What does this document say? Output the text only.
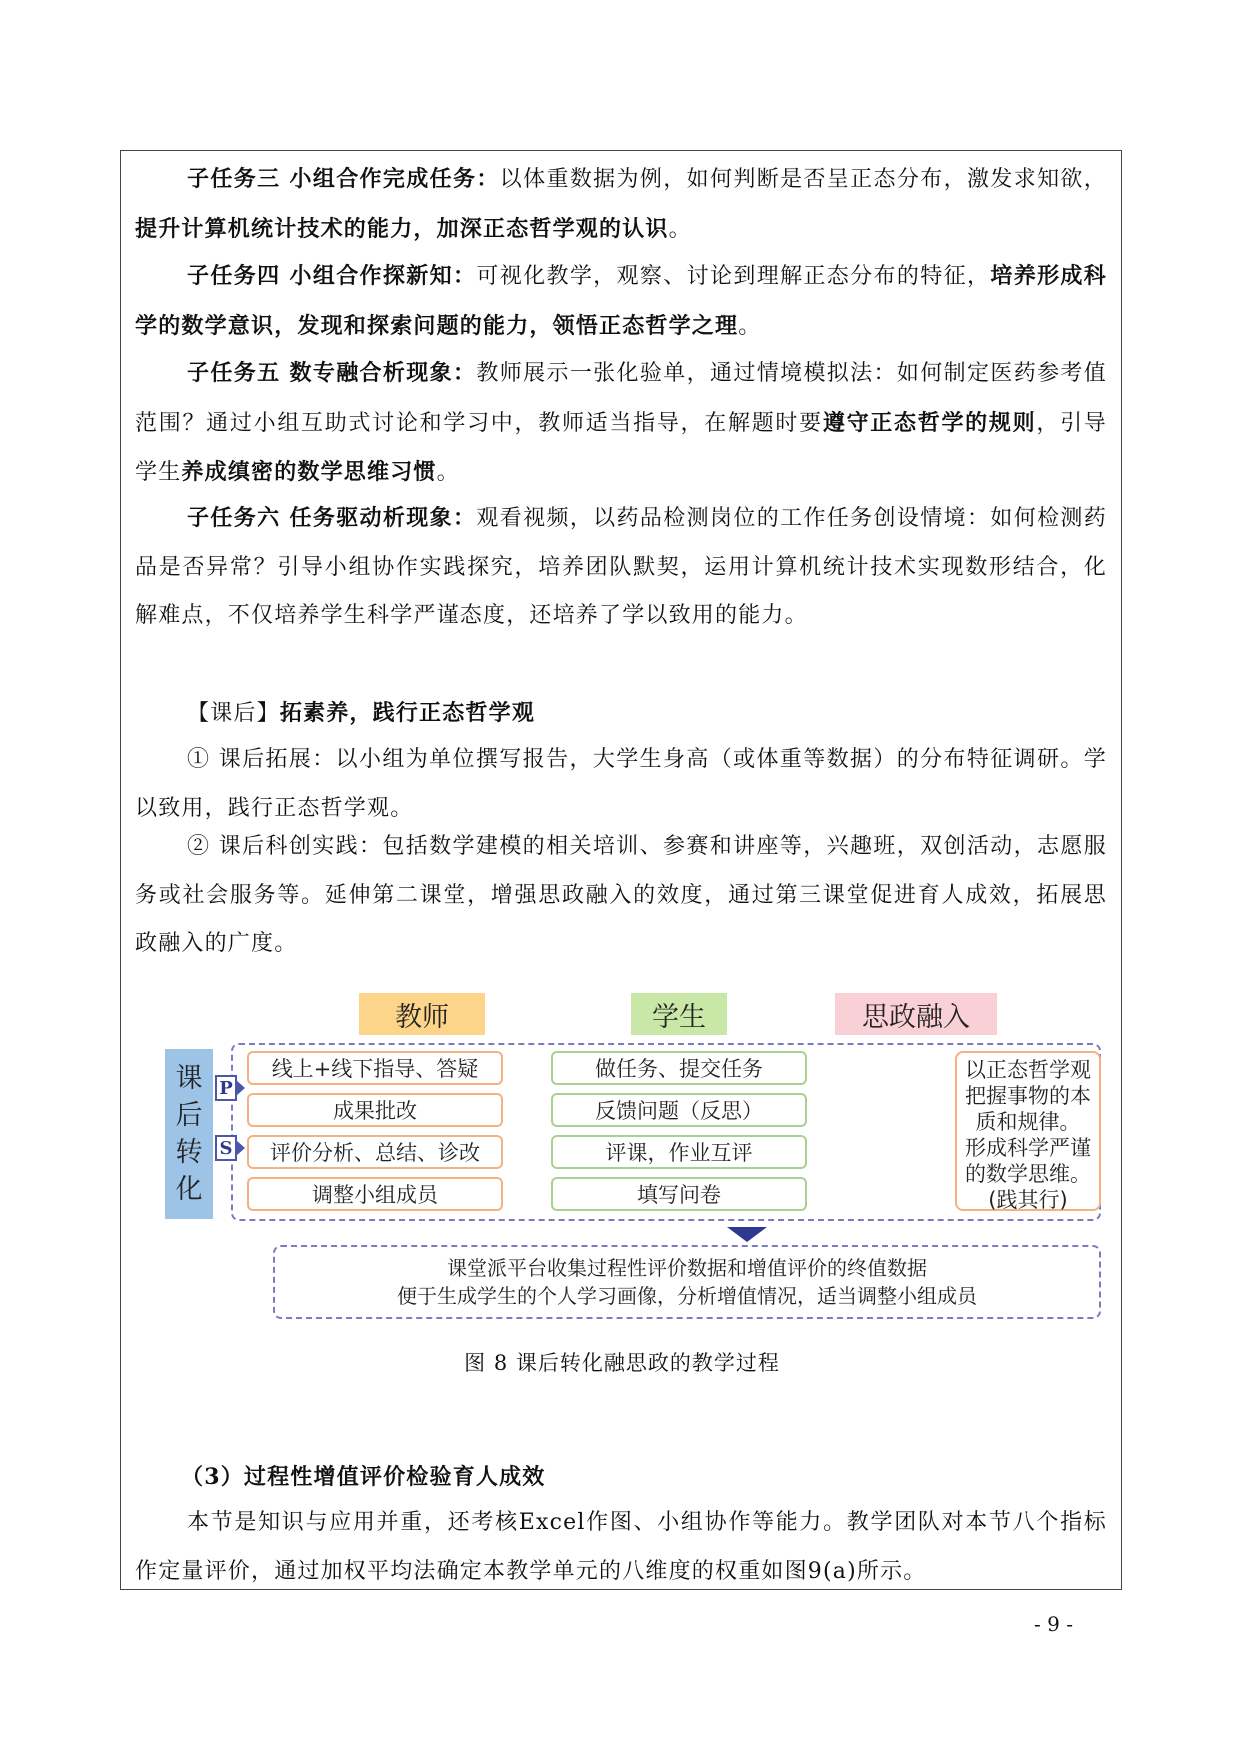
子任务三 小组合作完成任务：以体重数据为例，如何判断是否呈正态分布，激发求知欲，提升计算机统计技术的能力，加深正态哲学观的认识。

子任务四 小组合作探新知：可视化教学，观察、讨论到理解正态分布的特征，培养形成科学的数学意识，发现和探索问题的能力，领悟正态哲学之理。

子任务五 数专融合析现象：教师展示一张化验单，通过情境模拟法：如何制定医药参考值范围？通过小组互助式讨论和学习中，教师适当指导，在解题时要遵守正态哲学的规则，引导学生养成缜密的数学思维习惯。

子任务六 任务驱动析现象：观看视频，以药品检测岗位的工作任务创设情境：如何检测药品是否异常？引导小组协作实践探究，培养团队默契，运用计算机统计技术实现数形结合，化解难点，不仅培养学生科学严谨态度，还培养了学以致用的能力。

【课后】拓素养，践行正态哲学观

① 课后拓展：以小组为单位撰写报告，大学生身高（或体重等数据）的分布特征调研。学以致用，践行正态哲学观。

② 课后科创实践：包括数学建模的相关培训、参赛和讲座等，兴趣班，双创活动，志愿服务或社会服务等。延伸第二课堂，增强思政融入的效度，通过第三课堂促进育人成效，拓展思政融入的广度。

教师	学生	思政融入
课
后
转
化
P
S
线上+线下指导、答疑
成果批改
评价分析、总结、诊改
调整小组成员
做任务、提交任务
反馈问题（反思）
评课，作业互评
填写问卷
以正态哲学观
把握事物的本
质和规律。
形成科学严谨
的数学思维。
(践其行)
课堂派平台收集过程性评价数据和增值评价的终值数据
便于生成学生的个人学习画像，分析增值情况，适当调整小组成员
图 8 课后转化融思政的教学过程

（3）过程性增值评价检验育人成效

本节是知识与应用并重，还考核Excel作图、小组协作等能力。教学团队对本节八个指标作定量评价，通过加权平均法确定本教学单元的八维度的权重如图9(a)所示。

- 9 -
